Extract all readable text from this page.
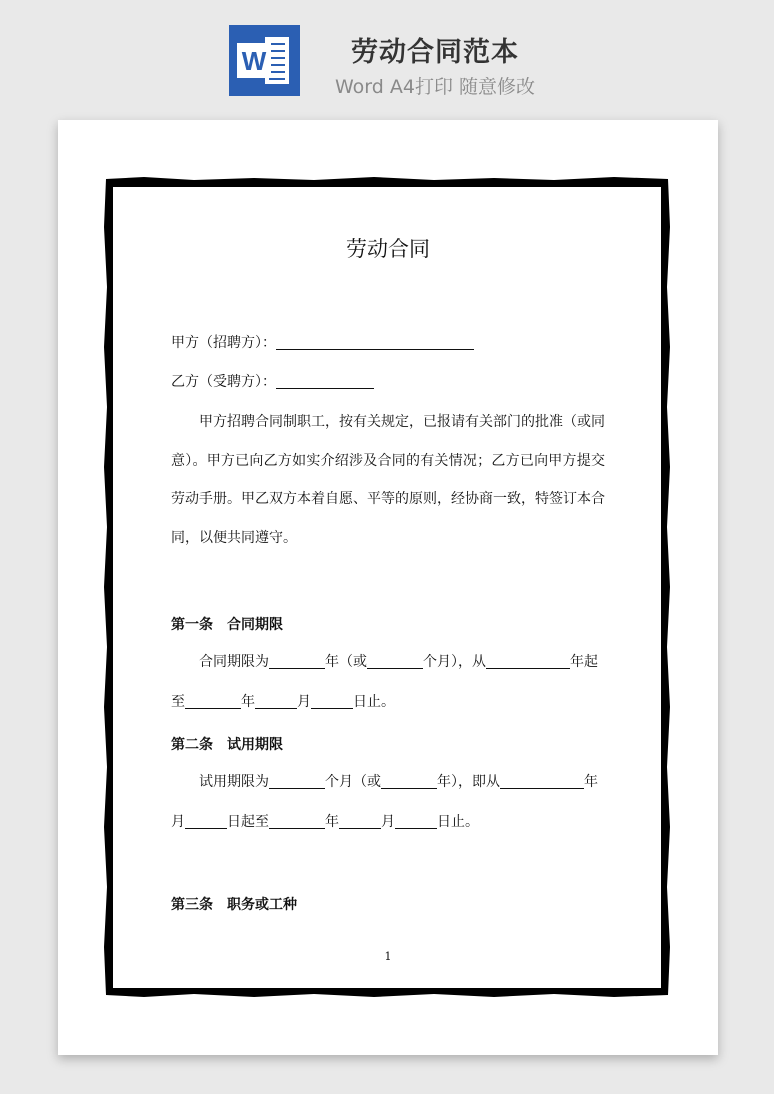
W	劳动合同范本
Word A4打印 随意修改
劳动合同
甲方（招聘方）：
乙方（受聘方）：
甲方招聘合同制职工，按有关规定，已报请有关部门的批准（或同意）。甲方已向乙方如实介绍涉及合同的有关情况；乙方已向甲方提交劳动手册。甲乙双方本着自愿、平等的原则，经协商一致，特签订本合同，以便共同遵守。
第一条　合同期限
合同期限为	年（或	个月），从	年起
至	年	月	日止。
第二条　试用期限
试用期限为	个月（或	年），即从	年
月	日起至	年	月	日止。
第三条　职务或工种
1
